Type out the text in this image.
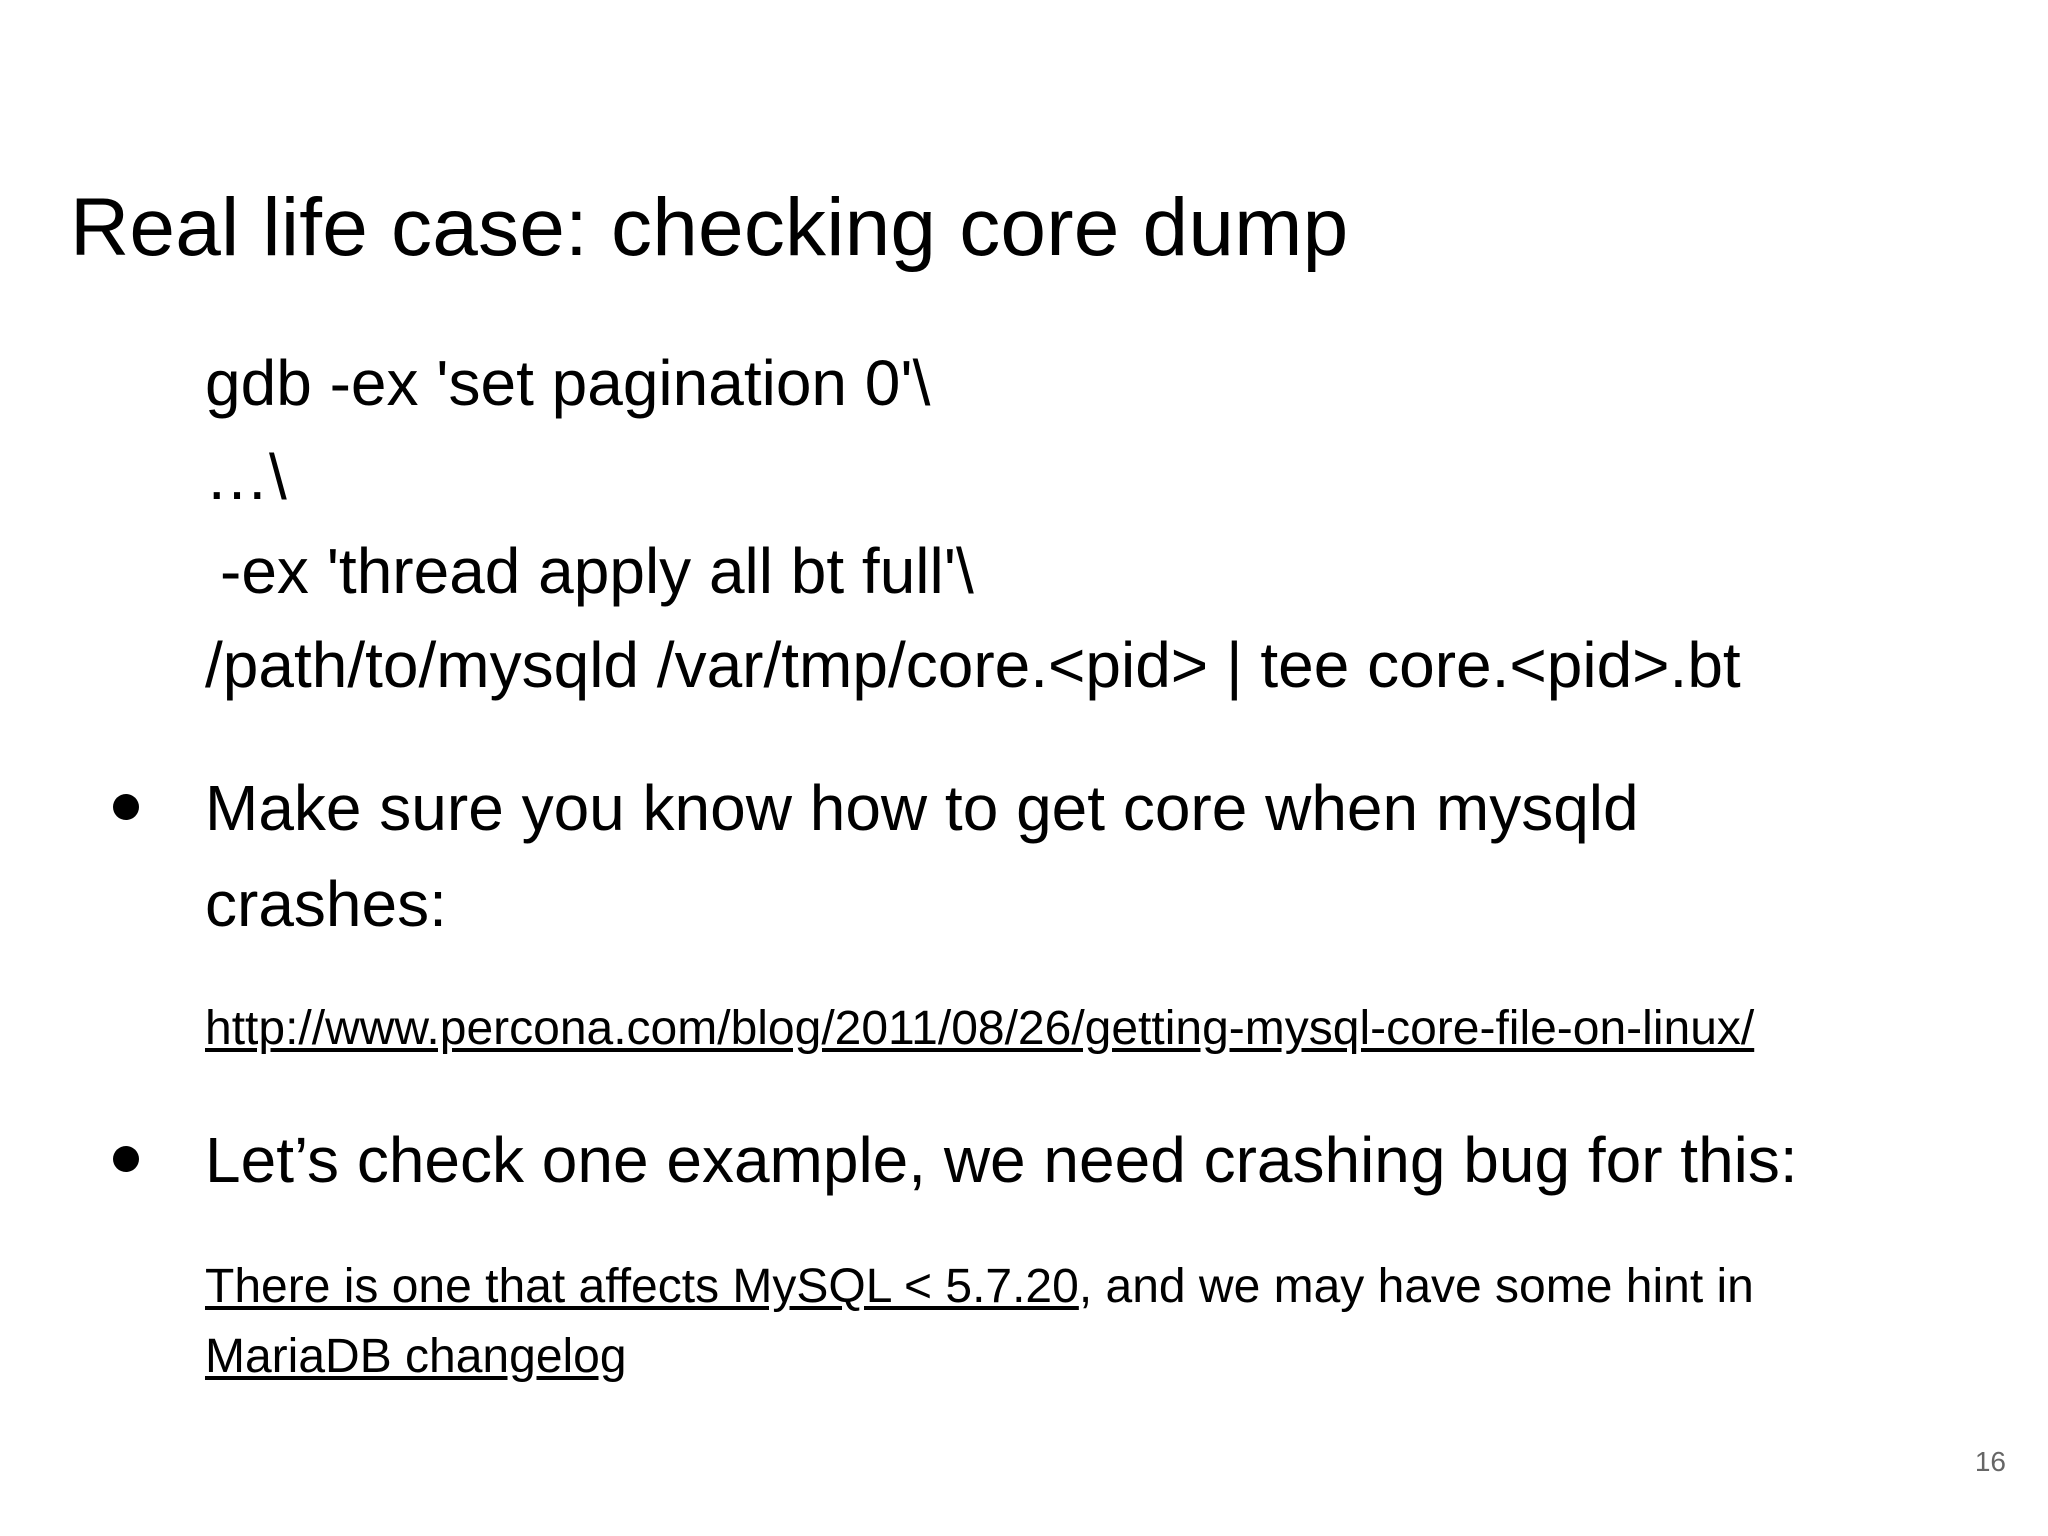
Real life case: checking core dump
gdb -ex 'set pagination 0'\
…\
-ex 'thread apply all bt full'\
/path/to/mysqld /var/tmp/core.<pid> | tee core.<pid>.bt
Make sure you know how to get core when mysqld
crashes:
http://www.percona.com/blog/2011/08/26/getting-mysql-core-file-on-linux/
Let’s check one example, we need crashing bug for this:
There is one that affects MySQL < 5.7.20, and we may have some hint in
MariaDB changelog
16
